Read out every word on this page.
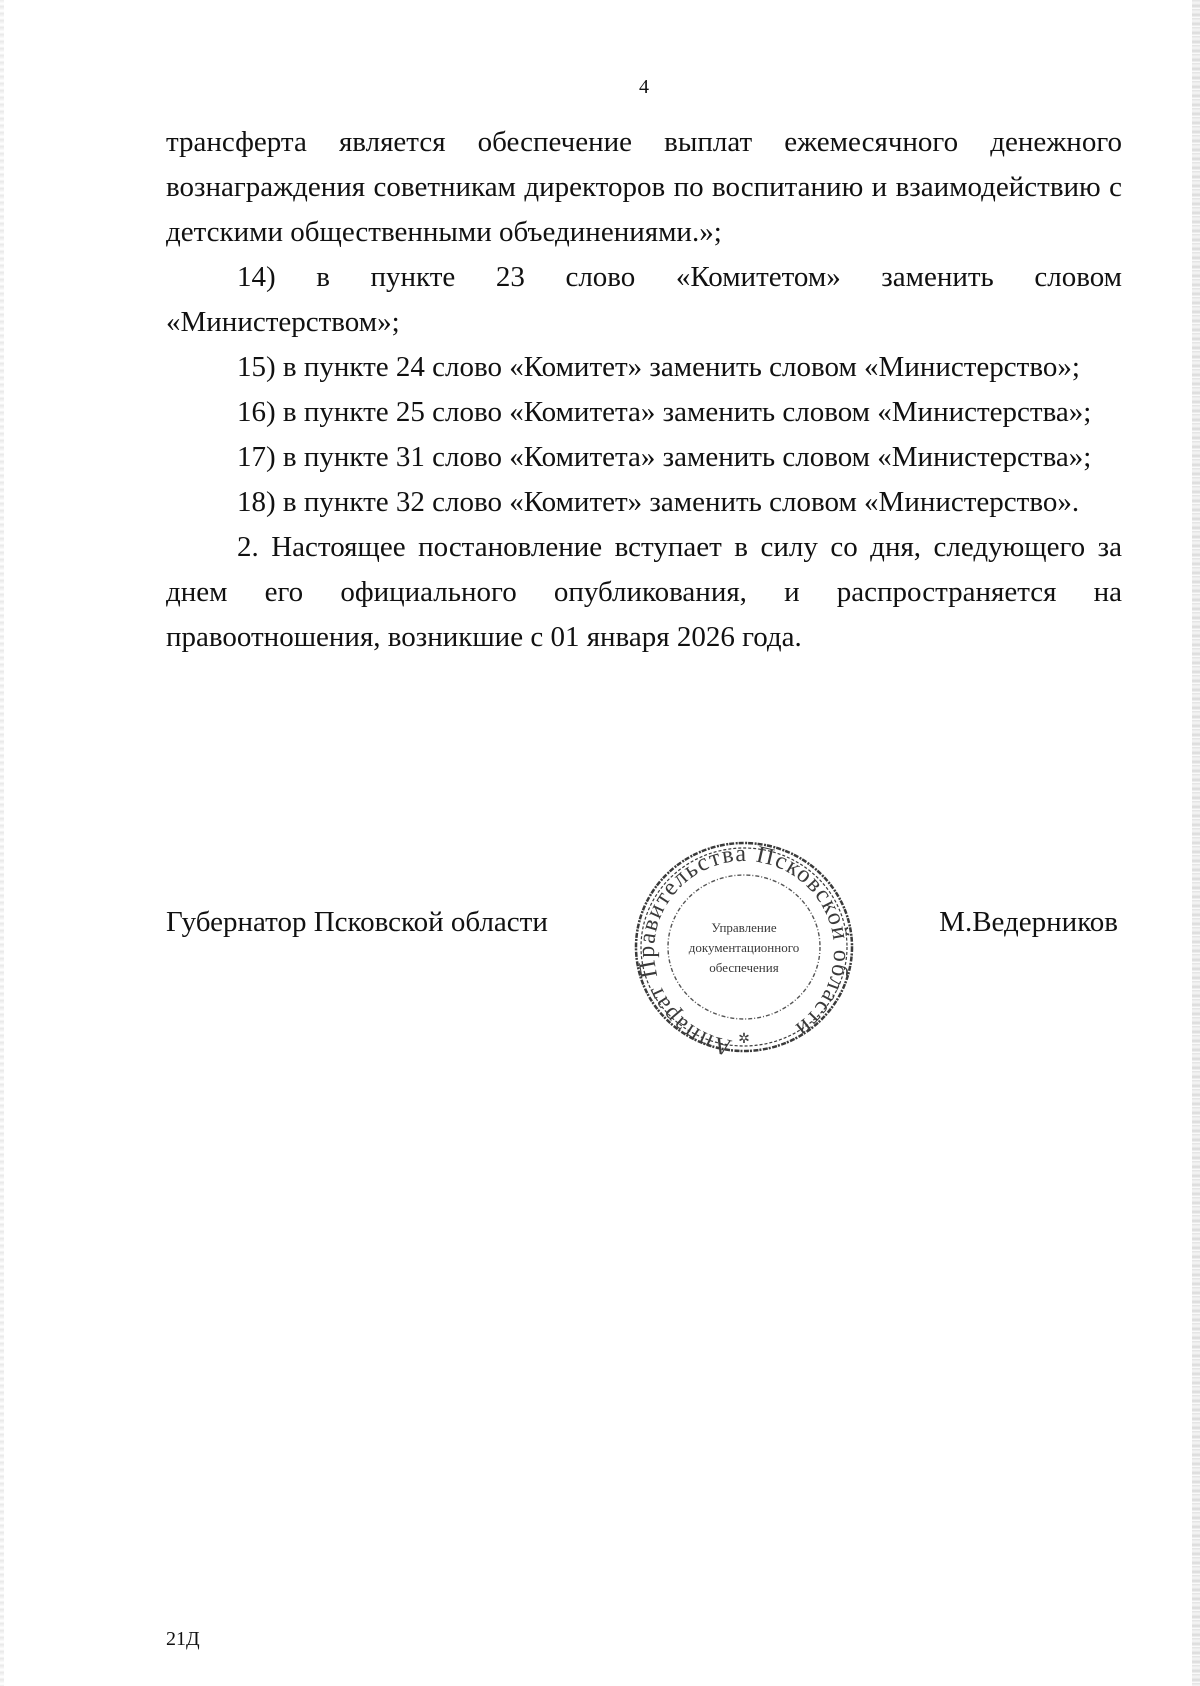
4

трансферта является обеспечение выплат ежемесячного денежного вознаграждения советникам директоров по воспитанию и взаимодействию с детскими общественными объединениями.»;

14) в пункте 23 слово «Комитетом» заменить словом «Министерством»;

15) в пункте 24 слово «Комитет» заменить словом «Министерство»;

16) в пункте 25 слово «Комитета» заменить словом «Министерства»;

17) в пункте 31 слово «Комитета» заменить словом «Министерства»;

18) в пункте 32 слово «Комитет» заменить словом «Министерство».

2. Настоящее постановление вступает в силу со дня, следующего за днем его официального опубликования, и распространяется на правоотношения, возникшие с 01 января 2026 года.

Губернатор Псковской области	М.Ведерников
Аппарат Правительства Псковской области
✲
Управление
документационного
обеспечения
21Д
